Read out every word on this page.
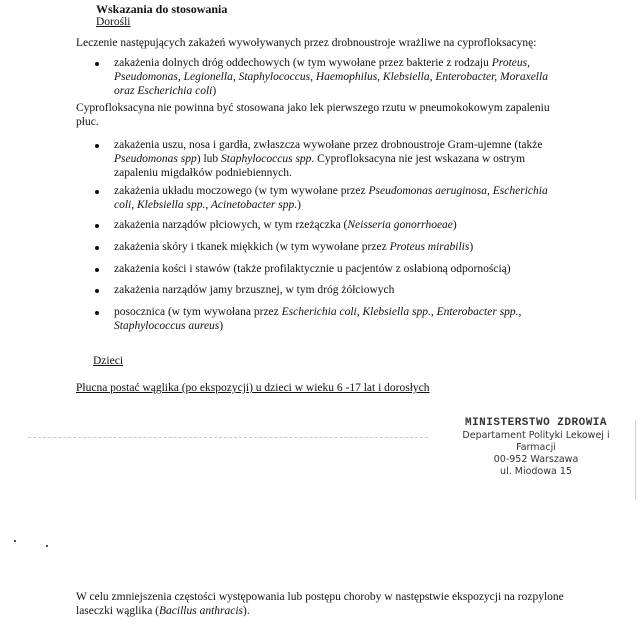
Wskazania do stosowania
Dorośli
Leczenie następujących zakażeń wywoływanych przez drobnoustroje wrażliwe na cyprofloksacynę:
zakażenia dolnych dróg oddechowych (w tym wywołane przez bakterie z rodzaju Proteus, Pseudomonas, Legionella, Staphylococcus, Haemophilus, Klebsiella, Enterobacter, Moraxella oraz Escherichia coli)
Cyprofloksacyna nie powinna być stosowana jako lek pierwszego rzutu w pneumokokowym zapaleniu płuc.
zakażenia uszu, nosa i gardła, zwłaszcza wywołane przez drobnoustroje Gram-ujemne (także Pseudomonas spp) lub Staphylococcus spp. Cyprofloksacyna nie jest wskazana w ostrym zapaleniu migdałków podniebiennych.
zakażenia układu moczowego (w tym wywołane przez Pseudomonas aeruginosa, Escherichia coli, Klebsiella spp., Acinetobacter spp.)
zakażenia narządów płciowych, w tym rzeżączka (Neisseria gonorrhoeae)
zakażenia skóry i tkanek miękkich (w tym wywołane przez Proteus mirabilis)
zakażenia kości i stawów (także profilaktycznie u pacjentów z osłabioną odpornością)
zakażenia narządów jamy brzusznej, w tym dróg żółciowych
posocznica (w tym wywołana przez Escherichia coli, Klebsiella spp., Enterobacter spp., Staphylococcus aureus)
Dzieci
Płucna postać wąglika (po ekspozycji) u dzieci w wieku 6 -17 lat i dorosłych
MINISTERSTWO ZDROWIA
Departament Polityki Lekowej i Farmacji
00-952 Warszawa
ul. Miodowa 15
W celu zmniejszenia częstości występowania lub postępu choroby w następstwie ekspozycji na rozpylone laseczki wąglika (Bacillus anthracis).
